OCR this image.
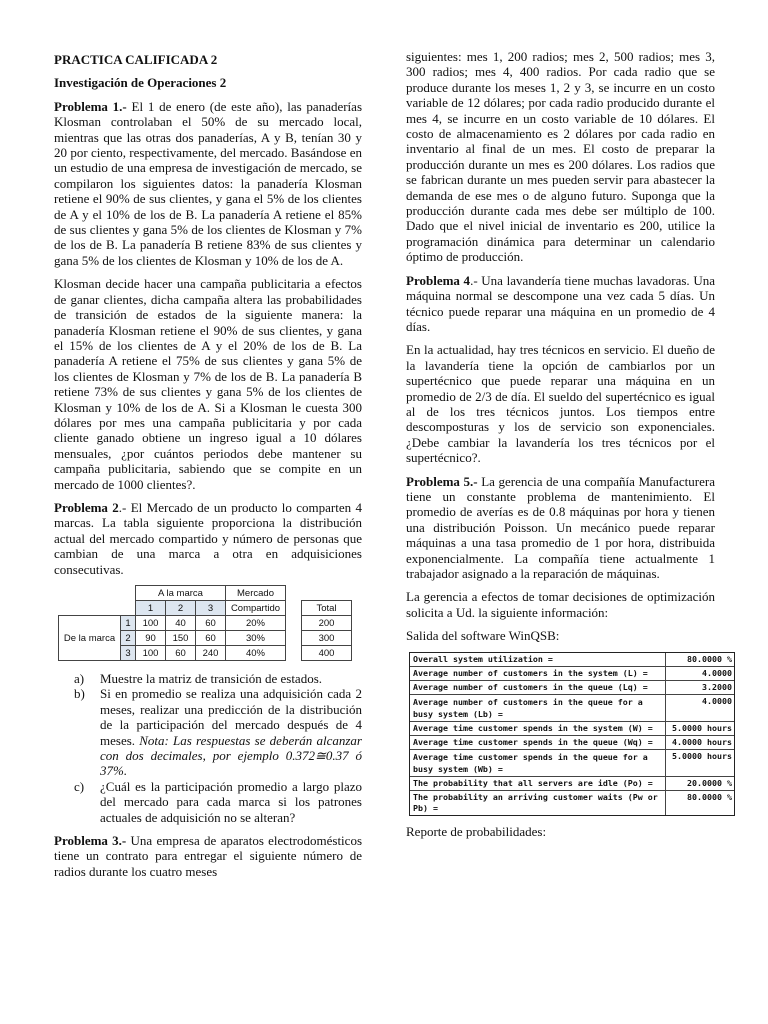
PRACTICA CALIFICADA 2
Investigación de Operaciones 2

Problema 1.- El 1 de enero (de este año), las panaderías Klosman controlaban el 50% de su mercado local, mientras que las otras dos panaderías, A y B, tenían 30 y 20 por ciento, respectivamente, del mercado. Basándose en un estudio de una empresa de investigación de mercado, se compilaron los siguientes datos: la panadería Klosman retiene el 90% de sus clientes, y gana el 5% de los clientes de A y el 10% de los de B. La panadería A retiene el 85% de sus clientes y gana 5% de los clientes de Klosman y 7% de los de B. La panadería B retiene 83% de sus clientes y gana 5% de los clientes de Klosman y 10% de los de A.

Klosman decide hacer una campaña publicitaria a efectos de ganar clientes, dicha campaña altera las probabilidades de transición de estados de la siguiente manera: la panadería Klosman retiene el 90% de sus clientes, y gana el 15% de los clientes de A y el 20% de los de B. La panadería A retiene el 75% de sus clientes y gana 5% de los clientes de Klosman y 7% de los de B. La panadería B retiene 73% de sus clientes y gana 5% de los clientes de Klosman y 10% de los de A. Si a Klosman le cuesta 300 dólares por mes una campaña publicitaria y por cada cliente ganado obtiene un ingreso igual a 10 dólares mensuales, ¿por cuántos periodos debe mantener su campaña publicitaria, sabiendo que se compite en un mercado de 1000 clientes?.

Problema 2.- El Mercado de un producto lo comparten 4 marcas. La tabla siguiente proporciona la distribución actual del mercado compartido y número de personas que cambian de una marca a otra en adquisiciones consecutivas.

		A la marca			Mercado		
		1	2	3	Compartido		Total
De la marca	1	100	40	60	20%		200
	2	90	150	60	30%		300
	3	100	60	240	40%		400
a) Muestre la matriz de transición de estados.
b) Si en promedio se realiza una adquisición cada 2 meses, realizar una predicción de la distribución de la participación del mercado después de 4 meses. Nota: Las respuestas se deberán alcanzar con dos decimales, por ejemplo 0.372≅0.37 ó 37%.
c) ¿Cuál es la participación promedio a largo plazo del mercado para cada marca si los patrones actuales de adquisición no se alteran?

Problema 3.- Una empresa de aparatos electrodomésticos tiene un contrato para entregar el siguiente número de radios durante los cuatro meses

siguientes: mes 1, 200 radios; mes 2, 500 radios; mes 3, 300 radios; mes 4, 400 radios. Por cada radio que se produce durante los meses 1, 2 y 3, se incurre en un costo variable de 12 dólares; por cada radio producido durante el mes 4, se incurre en un costo variable de 10 dólares. El costo de almacenamiento es 2 dólares por cada radio en inventario al final de un mes. El costo de preparar la producción durante un mes es 200 dólares. Los radios que se fabrican durante un mes pueden servir para abastecer la demanda de ese mes o de alguno futuro. Suponga que la producción durante cada mes debe ser múltiplo de 100. Dado que el nivel inicial de inventario es 200, utilice la programación dinámica para determinar un calendario óptimo de producción.

Problema 4.- Una lavandería tiene muchas lavadoras. Una máquina normal se descompone una vez cada 5 días. Un técnico puede reparar una máquina en un promedio de 4 días.

En la actualidad, hay tres técnicos en servicio. El dueño de la lavandería tiene la opción de cambiarlos por un supertécnico que puede reparar una máquina en un promedio de 2/3 de día. El sueldo del supertécnico es igual al de los tres técnicos juntos. Los tiempos entre descomposturas y los de servicio son exponenciales. ¿Debe cambiar la lavandería los tres técnicos por el supertécnico?.

Problema 5.- La gerencia de una compañía Manufacturera tiene un constante problema de mantenimiento. El promedio de averías es de 0.8 máquinas por hora y tienen una distribución Poisson. Un mecánico puede reparar máquinas a una tasa promedio de 1 por hora, distribuida exponencialmente. La compañía tiene actualmente 1 trabajador asignado a la reparación de máquinas.

La gerencia a efectos de tomar decisiones de optimización solicita a Ud. la siguiente información:

Salida del software WinQSB:

Overall system utilization =	80.0000 %
Average number of customers in the system (L) =	4.0000
Average number of customers in the queue (Lq) =	3.2000
Average number of customers in the queue for a busy system (Lb) =
4.0000
Average time customer spends in the system (W) =	5.0000 hours
Average time customer spends in the queue (Wq) =	4.0000 hours
Average time customer spends in the queue for a busy system (Wb) =
5.0000 hours
The probability that all servers are idle (Po) =	20.0000 %
The probability an arriving customer waits (Pw or Pb) =
80.0000 %

Reporte de probabilidades:
